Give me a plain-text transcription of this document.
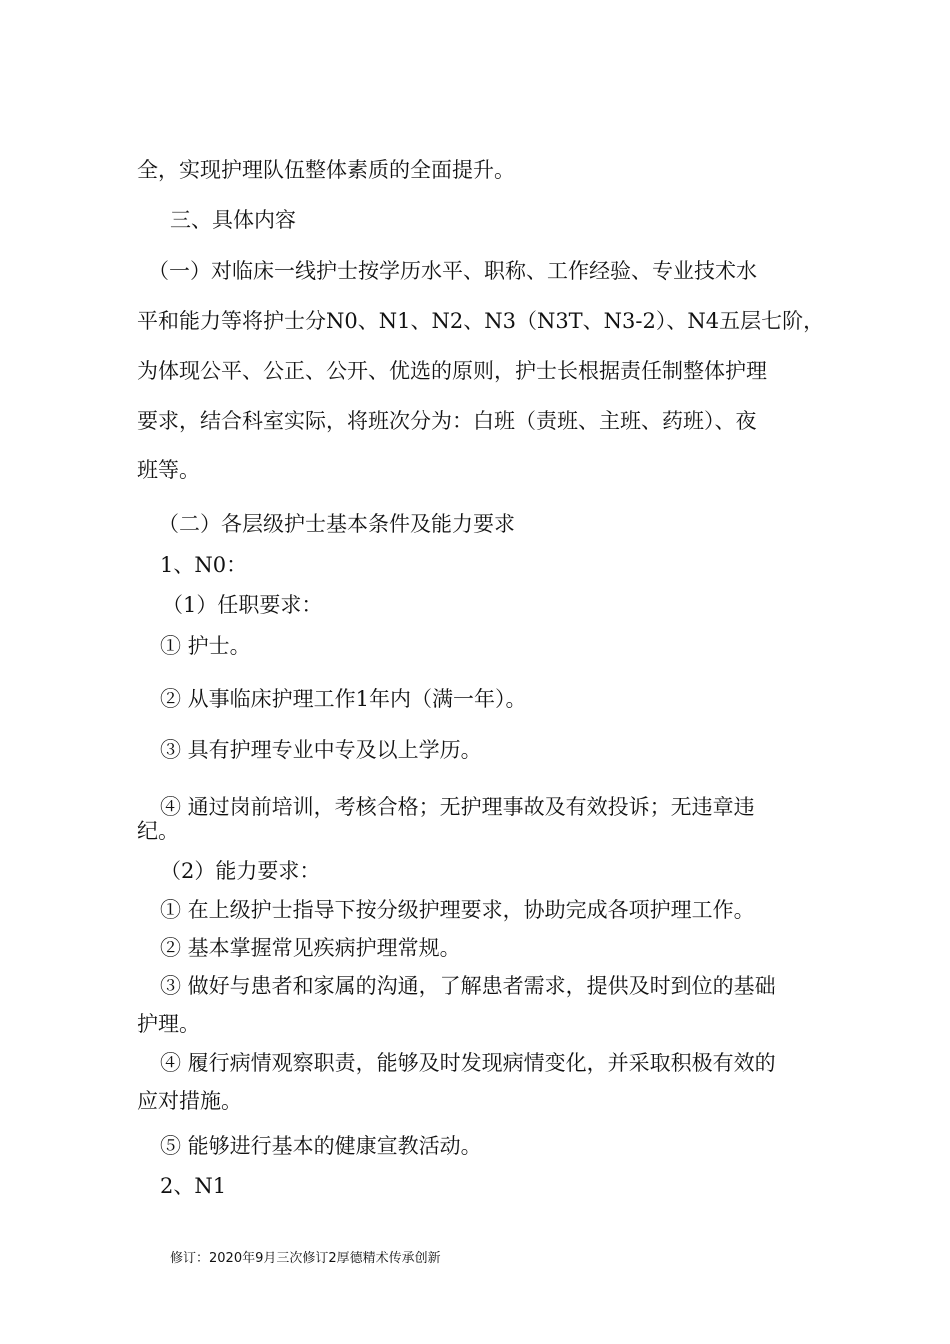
全，实现护理队伍整体素质的全面提升。
三、具体内容
（一）对临床一线护士按学历水平、职称、工作经验、专业技术水
平和能力等将护士分N0、N1、N2、N3（N3T、N3-2）、N4五层七阶，
为体现公平、公正、公开、优选的原则，护士长根据责任制整体护理
要求，结合科室实际，将班次分为：白班（责班、主班、药班）、夜
班等。
（二）各层级护士基本条件及能力要求
1、N0：
（1）任职要求：
① 护士。
② 从事临床护理工作1年内（满一年）。
③ 具有护理专业中专及以上学历。
④ 通过岗前培训，考核合格；无护理事故及有效投诉；无违章违
纪。
（2）能力要求：
① 在上级护士指导下按分级护理要求，协助完成各项护理工作。
② 基本掌握常见疾病护理常规。
③ 做好与患者和家属的沟通，了解患者需求，提供及时到位的基础
护理。
④ 履行病情观察职责，能够及时发现病情变化，并采取积极有效的
应对措施。
⑤ 能够进行基本的健康宣教活动。
2、N1
修订：2020年9月三次修订2厚德精术传承创新
